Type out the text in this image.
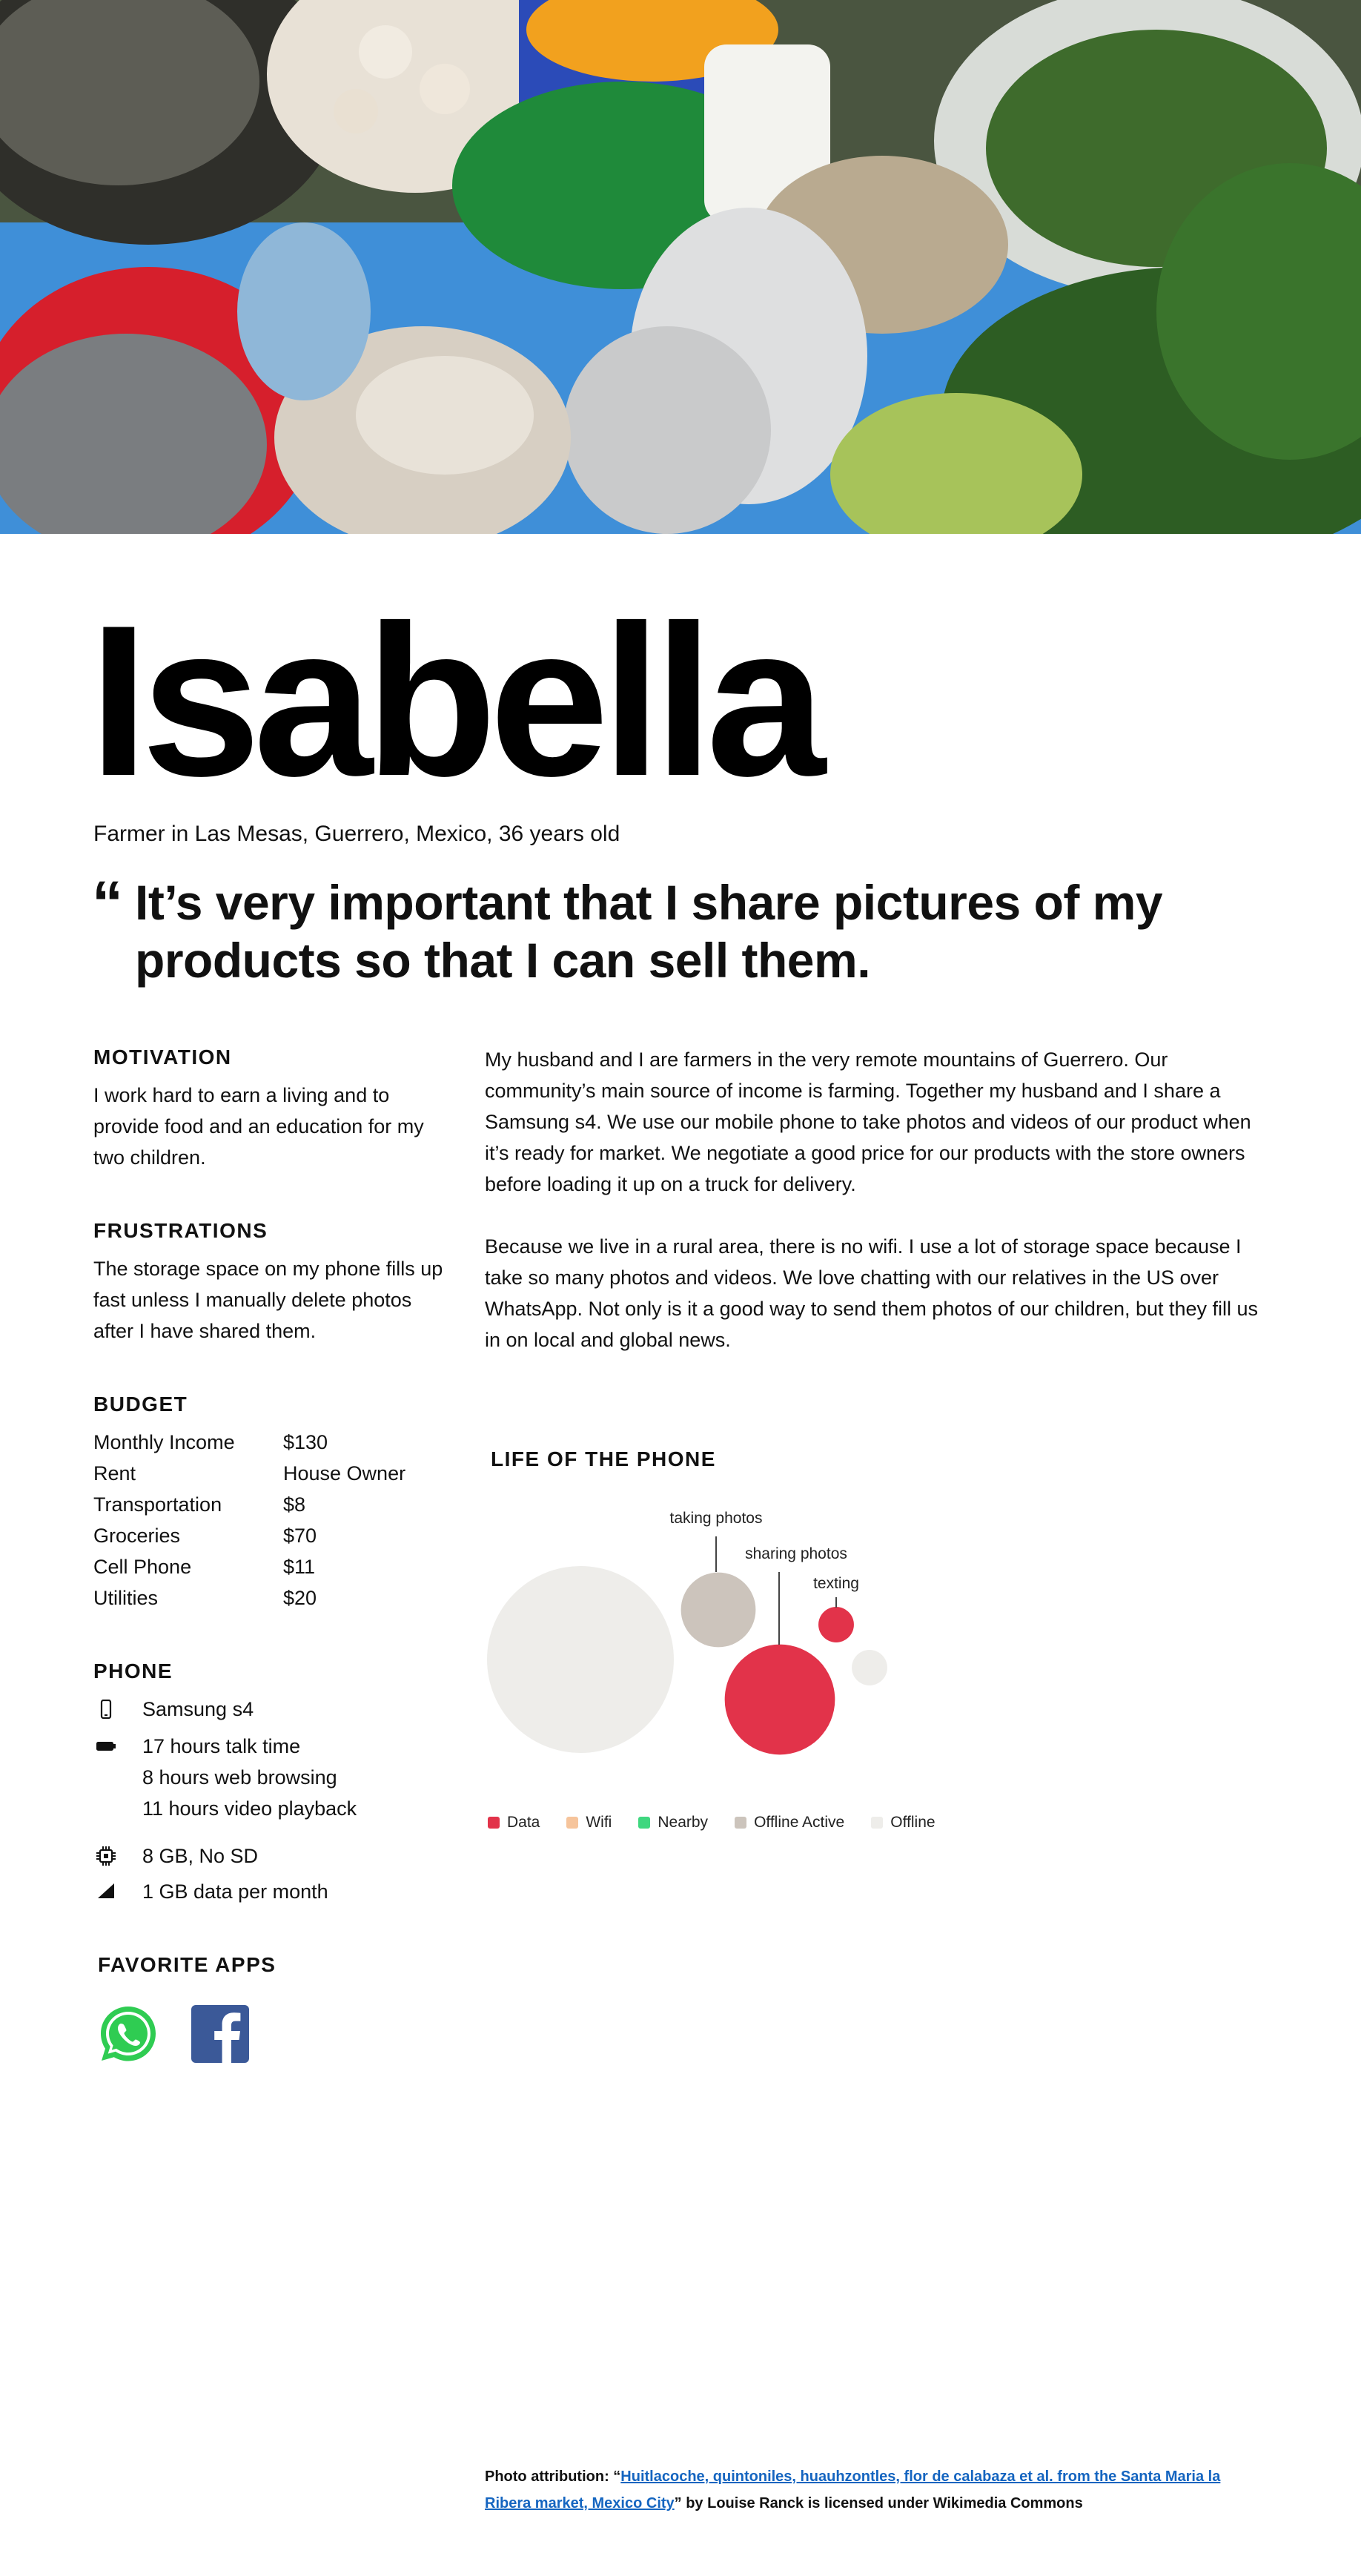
Isabella
Farmer in Las Mesas, Guerrero, Mexico, 36 years old
“ It’s very important that I share pictures of my products so that I can sell them.
MOTIVATION
I work hard to earn a living and to provide food and an education for my two children.
FRUSTRATIONS
The storage space on my phone fills up fast unless I manually delete photos after I have shared them.
BUDGET
Monthly Income	$130
Rent	House Owner
Transportation	$8
Groceries	$70
Cell Phone	$11
Utilities	$20
PHONE
Samsung s4
17 hours talk time
8 hours web browsing
11 hours video playback
8 GB, No SD
1 GB data per month
FAVORITE APPS
My husband and I are farmers in the very remote mountains of Guerrero. Our community’s main source of income is farming. Together my husband and I share a Samsung s4. We use our mobile phone to take photos and videos of our product when it’s ready for market. We negotiate a good price for our products with the store owners before loading it up on a truck for delivery.
Because we live in a rural area, there is no wifi. I use a lot of storage space because I take so many photos and videos. We love chatting with our relatives in the US over WhatsApp. Not only is it a good way to send them photos of our children, but they fill us in on local and global news.
LIFE OF THE PHONE
taking photos
sharing photos
texting
Data	Wifi	Nearby	Offline Active	Offline
Photo attribution: “Huitlacoche, quintoniles, huauhzontles, flor de calabaza et al. from the Santa Maria la Ribera market, Mexico City” by Louise Ranck is licensed under Wikimedia Commons
